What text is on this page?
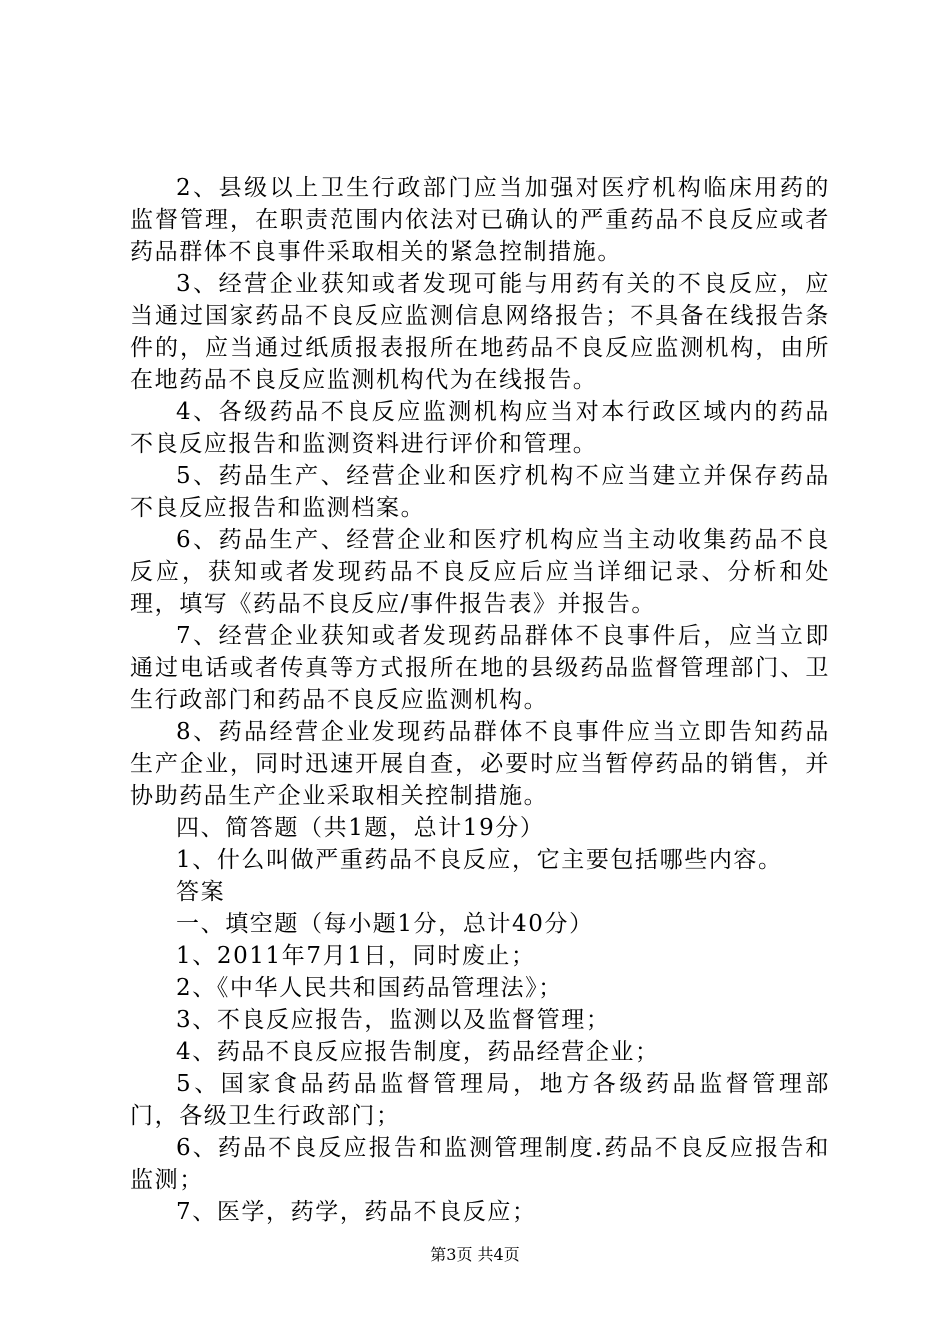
2、县级以上卫生行政部门应当加强对医疗机构临床用药的监督管理，在职责范围内依法对已确认的严重药品不良反应或者药品群体不良事件采取相关的紧急控制措施。

3、经营企业获知或者发现可能与用药有关的不良反应，应当通过国家药品不良反应监测信息网络报告；不具备在线报告条件的，应当通过纸质报表报所在地药品不良反应监测机构，由所在地药品不良反应监测机构代为在线报告。

4、各级药品不良反应监测机构应当对本行政区域内的药品不良反应报告和监测资料进行评价和管理。

5、药品生产、经营企业和医疗机构不应当建立并保存药品不良反应报告和监测档案。

6、药品生产、经营企业和医疗机构应当主动收集药品不良反应，获知或者发现药品不良反应后应当详细记录、分析和处理，填写《药品不良反应/事件报告表》并报告。

7、经营企业获知或者发现药品群体不良事件后，应当立即通过电话或者传真等方式报所在地的县级药品监督管理部门、卫生行政部门和药品不良反应监测机构。

8、药品经营企业发现药品群体不良事件应当立即告知药品生产企业，同时迅速开展自查，必要时应当暂停药品的销售，并协助药品生产企业采取相关控制措施。

四、简答题（共1题，总计19分）

1、什么叫做严重药品不良反应，它主要包括哪些内容。

答案

一、填空题（每小题1分，总计40分）

1、2011年7月1日，同时废止；

2、《中华人民共和国药品管理法》；

3、不良反应报告，监测以及监督管理；

4、药品不良反应报告制度，药品经营企业；

5、国家食品药品监督管理局，地方各级药品监督管理部门，各级卫生行政部门；

6、药品不良反应报告和监测管理制度.药品不良反应报告和监测；

7、医学，药学，药品不良反应；

第3页 共4页
